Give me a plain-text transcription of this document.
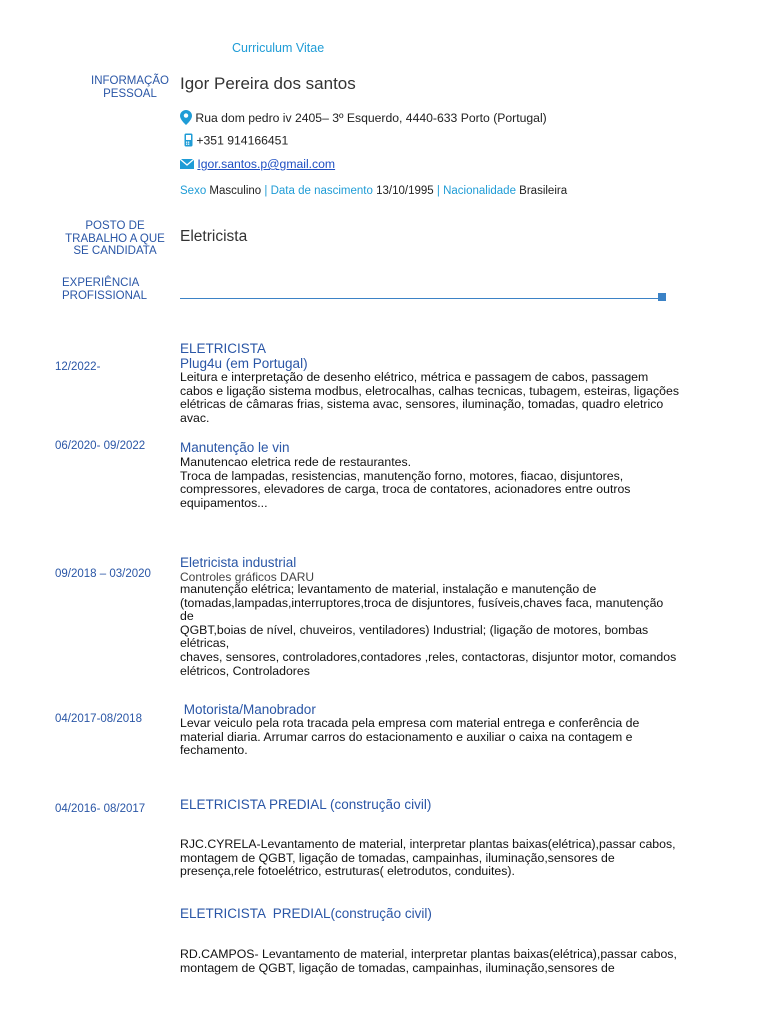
Curriculum Vitae
INFORMAÇÃO PESSOAL
Igor Pereira dos santos
Rua dom pedro iv 2405– 3º Esquerdo, 4440-633 Porto (Portugal)
+351 914166451
Igor.santos.p@gmail.com
Sexo Masculino | Data de nascimento 13/10/1995 | Nacionalidade Brasileira
POSTO DE TRABALHO A QUE SE CANDIDATA
Eletricista
EXPERIÊNCIA PROFISSIONAL
ELETRICISTA
12/2022-	Plug4u (em Portugal)
Leitura e interpretação de desenho elétrico, métrica e passagem de cabos, passagem cabos e ligação sistema modbus, eletrocalhas, calhas tecnicas, tubagem, esteiras, ligações elétricas de câmaras frias, sistema avac, sensores, iluminação, tomadas, quadro eletrico avac.
06/2020- 09/2022	Manutenção le vin
Manutencao eletrica rede de restaurantes.
Troca de lampadas, resistencias, manutenção forno, motores, fiacao, disjuntores, compressores, elevadores de carga, troca de contatores, acionadores entre outros equipamentos...
Eletricista industrial
09/2018 – 03/2020 Controles gráficos DARU
manutenção elétrica; levantamento de material, instalação e manutenção de (tomadas,lampadas,interruptores,troca de disjuntores, fusíveis,chaves faca, manutenção de
QGBT,boias de nível, chuveiros, ventiladores) Industrial; (ligação de motores, bombas elétricas,
chaves, sensores, controladores,contadores ,reles, contactoras, disjuntor motor, comandos elétricos, Controladores
Motorista/Manobrador
04/2017-08/2018	Levar veiculo pela rota tracada pela empresa com material entrega e conferência de material diaria. Arrumar carros do estacionamento e auxiliar o caixa na contagem e fechamento.
ELETRICISTA PREDIAL (construção civil)
04/2016- 08/2017
RJC.CYRELA-Levantamento de material, interpretar plantas baixas(elétrica),passar cabos, montagem de QGBT, ligação de tomadas, campainhas, iluminação,sensores de presença,rele fotoelétrico, estruturas( eletrodutos, conduites).
ELETRICISTA  PREDIAL(construção civil)
RD.CAMPOS- Levantamento de material, interpretar plantas baixas(elétrica),passar cabos, montagem de QGBT, ligação de tomadas, campainhas, iluminação,sensores de
